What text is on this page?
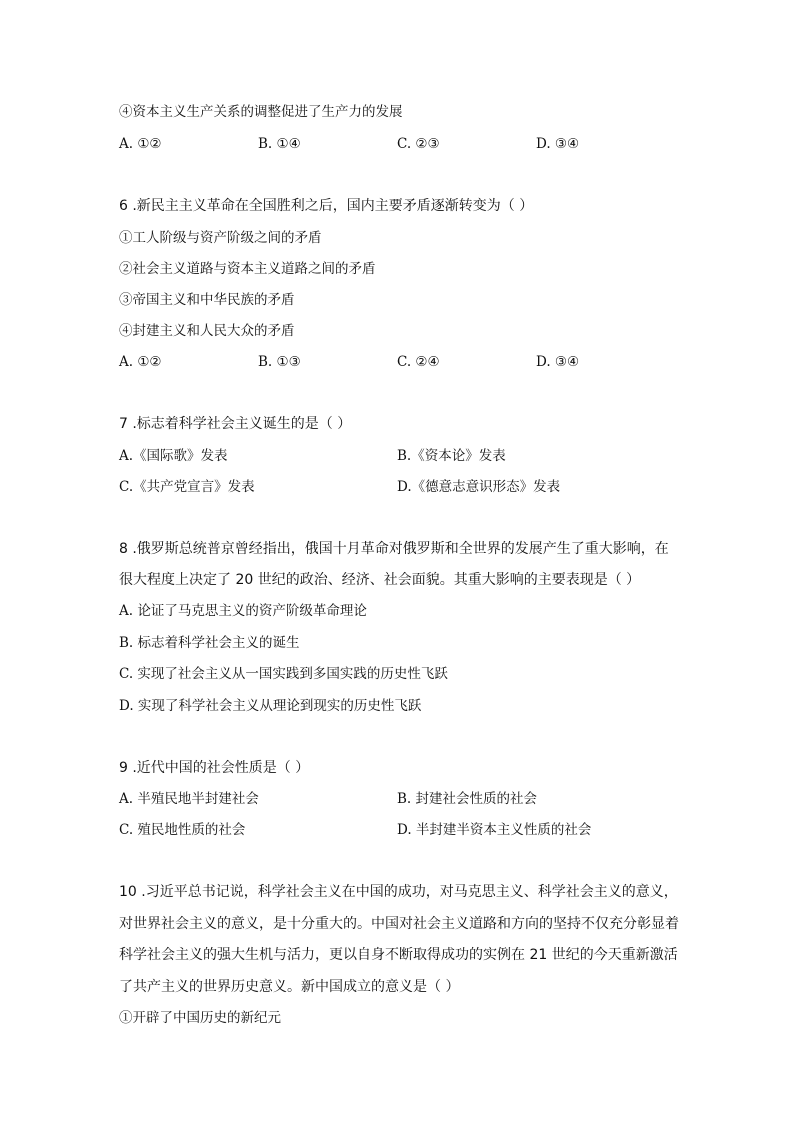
④资本主义生产关系的调整促进了生产力的发展
A. ①②	B. ①④	C. ②③	D. ③④
6 .新民主主义革命在全国胜利之后，国内主要矛盾逐渐转变为（ ）
①工人阶级与资产阶级之间的矛盾
②社会主义道路与资本主义道路之间的矛盾
③帝国主义和中华民族的矛盾
④封建主义和人民大众的矛盾
A. ①②	B. ①③	C. ②④	D. ③④
7 .标志着科学社会主义诞生的是（ ）
A.《国际歌》发表	B.《资本论》发表
C.《共产党宣言》发表	D.《德意志意识形态》发表
8 .俄罗斯总统普京曾经指出，俄国十月革命对俄罗斯和全世界的发展产生了重大影响，在
很大程度上决定了 20 世纪的政治、经济、社会面貌。其重大影响的主要表现是（ ）
A. 论证了马克思主义的资产阶级革命理论
B. 标志着科学社会主义的诞生
C. 实现了社会主义从一国实践到多国实践的历史性飞跃
D. 实现了科学社会主义从理论到现实的历史性飞跃
9 .近代中国的社会性质是（ ）
A. 半殖民地半封建社会	B. 封建社会性质的社会
C. 殖民地性质的社会	D. 半封建半资本主义性质的社会
10 .习近平总书记说，科学社会主义在中国的成功，对马克思主义、科学社会主义的意义，
对世界社会主义的意义，是十分重大的。中国对社会主义道路和方向的坚持不仅充分彰显着
科学社会主义的强大生机与活力，更以自身不断取得成功的实例在 21 世纪的今天重新激活
了共产主义的世界历史意义。新中国成立的意义是（ ）
①开辟了中国历史的新纪元
